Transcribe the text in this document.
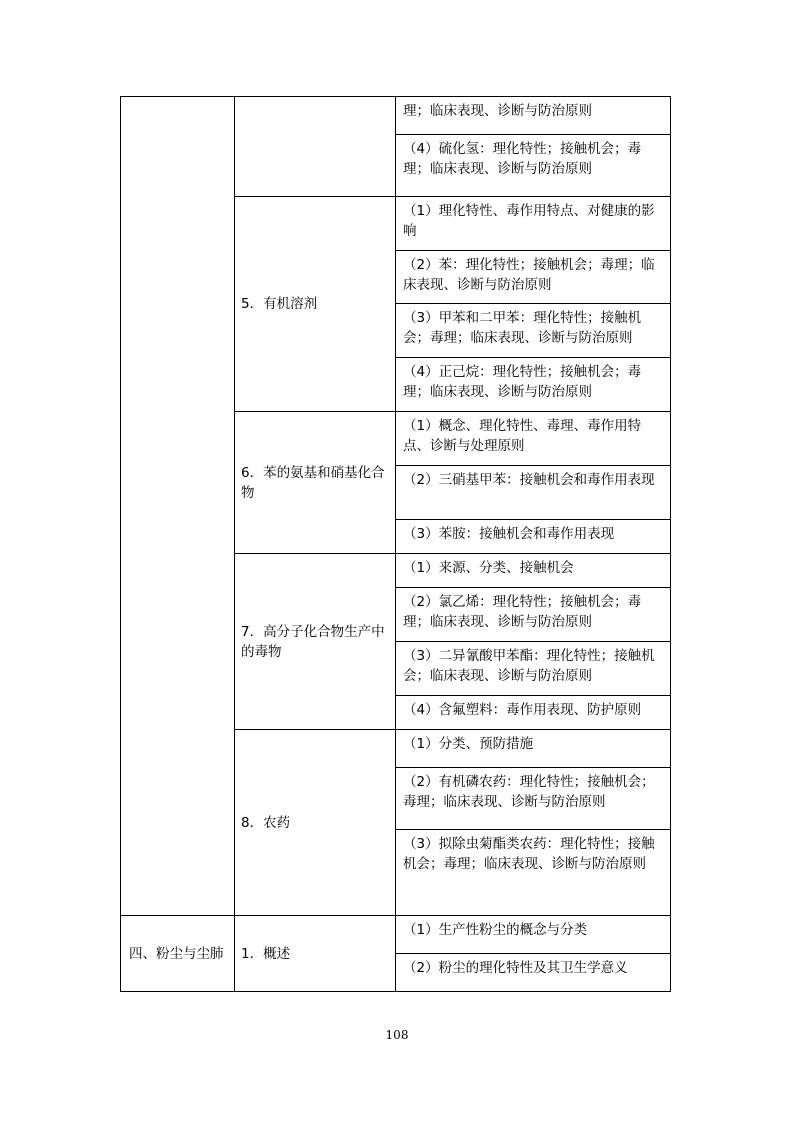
		理；临床表现、诊断与防治原则
		（4）硫化氢：理化特性；接触机会；毒理；临床表现、诊断与防治原则
	5．有机溶剂	（1）理化特性、毒作用特点、对健康的影响
		（2）苯：理化特性；接触机会；毒理；临床表现、诊断与防治原则
		（3）甲苯和二甲苯：理化特性；接触机会；毒理；临床表现、诊断与防治原则
		（4）正己烷：理化特性；接触机会；毒理；临床表现、诊断与防治原则
	6．苯的氨基和硝基化合物	（1）概念、理化特性、毒理、毒作用特点、诊断与处理原则
		（2）三硝基甲苯：接触机会和毒作用表现
		（3）苯胺：接触机会和毒作用表现
	7．高分子化合物生产中的毒物	（1）来源、分类、接触机会
		（2）氯乙烯：理化特性；接触机会；毒理；临床表现、诊断与防治原则
		（3）二异氰酸甲苯酯：理化特性；接触机会；临床表现、诊断与防治原则
		（4）含氟塑料：毒作用表现、防护原则
	8．农药	（1）分类、预防措施
		（2）有机磷农药：理化特性；接触机会；毒理；临床表现、诊断与防治原则
		（3）拟除虫菊酯类农药：理化特性；接触机会；毒理；临床表现、诊断与防治原则
四、粉尘与尘肺	1．概述	（1）生产性粉尘的概念与分类
		（2）粉尘的理化特性及其卫生学意义
108
